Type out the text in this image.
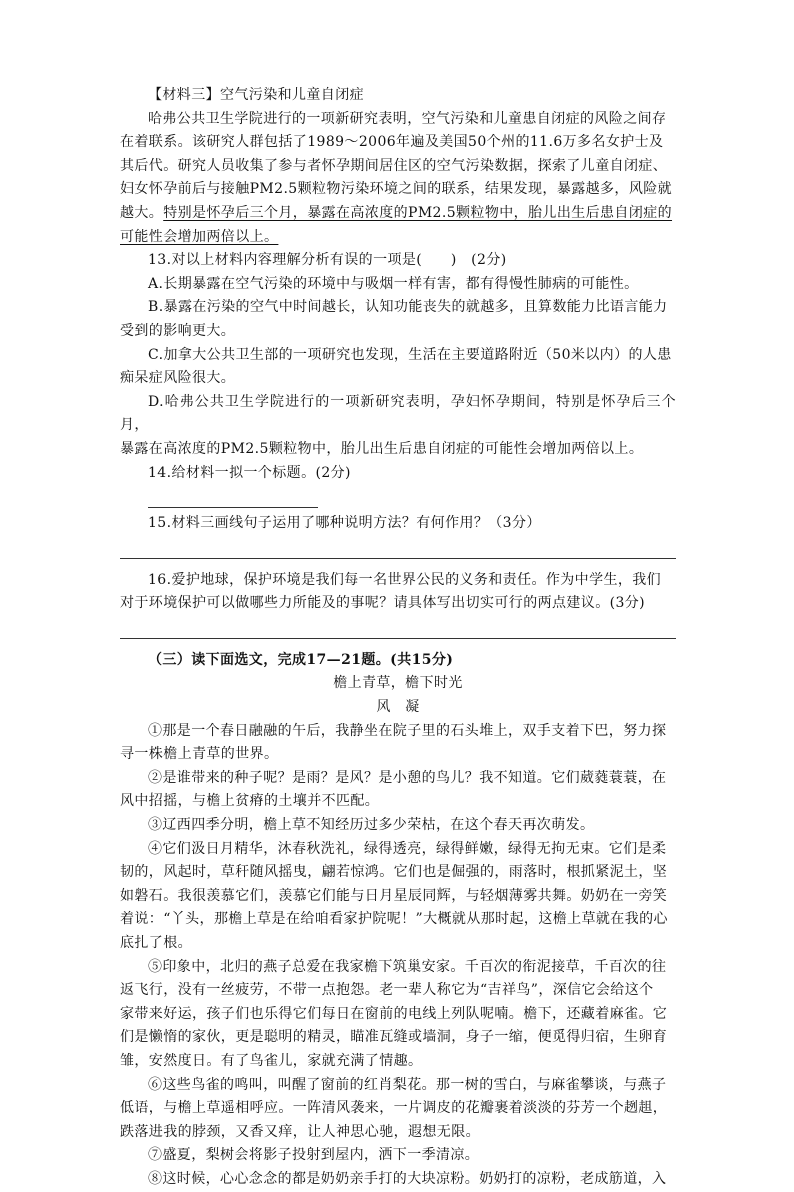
【材料三】空气污染和儿童自闭症

哈弗公共卫生学院进行的一项新研究表明，空气污染和儿童患自闭症的风险之间存

在着联系。该研究人群包括了1989～2006年遍及美国50个州的11.6万多名女护士及

其后代。研究人员收集了参与者怀孕期间居住区的空气污染数据，探索了儿童自闭症、

妇女怀孕前后与接触PM2.5颗粒物污染环境之间的联系，结果发现，暴露越多，风险就

越大。特别是怀孕后三个月，暴露在高浓度的PM2.5颗粒物中，胎儿出生后患自闭症的

可能性会增加两倍以上。

13.对以上材料内容理解分析有误的一项是(　　)　(2分)

A.长期暴露在空气污染的环境中与吸烟一样有害，都有得慢性肺病的可能性。

B.暴露在污染的空气中时间越长，认知功能丧失的就越多，且算数能力比语言能力

受到的影响更大。

C.加拿大公共卫生部的一项研究也发现，生活在主要道路附近（50米以内）的人患

痴呆症风险很大。

D.哈弗公共卫生学院进行的一项新研究表明，孕妇怀孕期间，特别是怀孕后三个月，

暴露在高浓度的PM2.5颗粒物中，胎儿出生后患自闭症的可能性会增加两倍以上。

14.给材料一拟一个标题。(2分)

15.材料三画线句子运用了哪种说明方法？有何作用？（3分）

16.爱护地球，保护环境是我们每一名世界公民的义务和责任。作为中学生，我们

对于环境保护可以做哪些力所能及的事呢？请具体写出切实可行的两点建议。(3分)

（三）读下面选文，完成17—21题。(共15分)

檐上青草，檐下时光

风　凝

①那是一个春日融融的午后，我静坐在院子里的石头堆上，双手支着下巴，努力探

寻一株檐上青草的世界。

②是谁带来的种子呢？是雨？是风？是小憩的鸟儿？我不知道。它们葳蕤蓑蓑，在

风中招摇，与檐上贫瘠的土壤并不匹配。

③辽西四季分明，檐上草不知经历过多少荣枯，在这个春天再次萌发。

④它们汲日月精华，沐春秋洗礼，绿得透亮，绿得鲜嫩，绿得无拘无束。它们是柔

韧的，风起时，草秆随风摇曳，翩若惊鸿。它们也是倔强的，雨落时，根抓紧泥土，坚

如磐石。我很羡慕它们，羡慕它们能与日月星辰同辉，与轻烟薄雾共舞。奶奶在一旁笑

着说：“丫头，那檐上草是在给咱看家护院呢！”大概就从那时起，这檐上草就在我的心

底扎了根。

⑤印象中，北归的燕子总爱在我家檐下筑巢安家。千百次的衔泥接草，千百次的往

返飞行，没有一丝疲劳，不带一点抱怨。老一辈人称它为“吉祥鸟”，深信它会给这个

家带来好运，孩子们也乐得它们每日在窗前的电线上列队呢喃。檐下，还藏着麻雀。它

们是懒惰的家伙，更是聪明的精灵，瞄准瓦缝或墙洞，身子一缩，便觅得归宿，生卵育

雏，安然度日。有了鸟雀儿，家就充满了情趣。

⑥这些鸟雀的鸣叫，叫醒了窗前的红肖梨花。那一树的雪白，与麻雀攀谈，与燕子

低语，与檐上草遥相呼应。一阵清风袭来，一片调皮的花瓣裹着淡淡的芬芳一个趔趄，

跌落进我的脖颈，又香又痒，让人神思心驰，遐想无限。

⑦盛夏，梨树会将影子投射到屋内，洒下一季清凉。

⑧这时候，心心念念的都是奶奶亲手打的大块凉粉。奶奶打的凉粉，老成筋道，入
